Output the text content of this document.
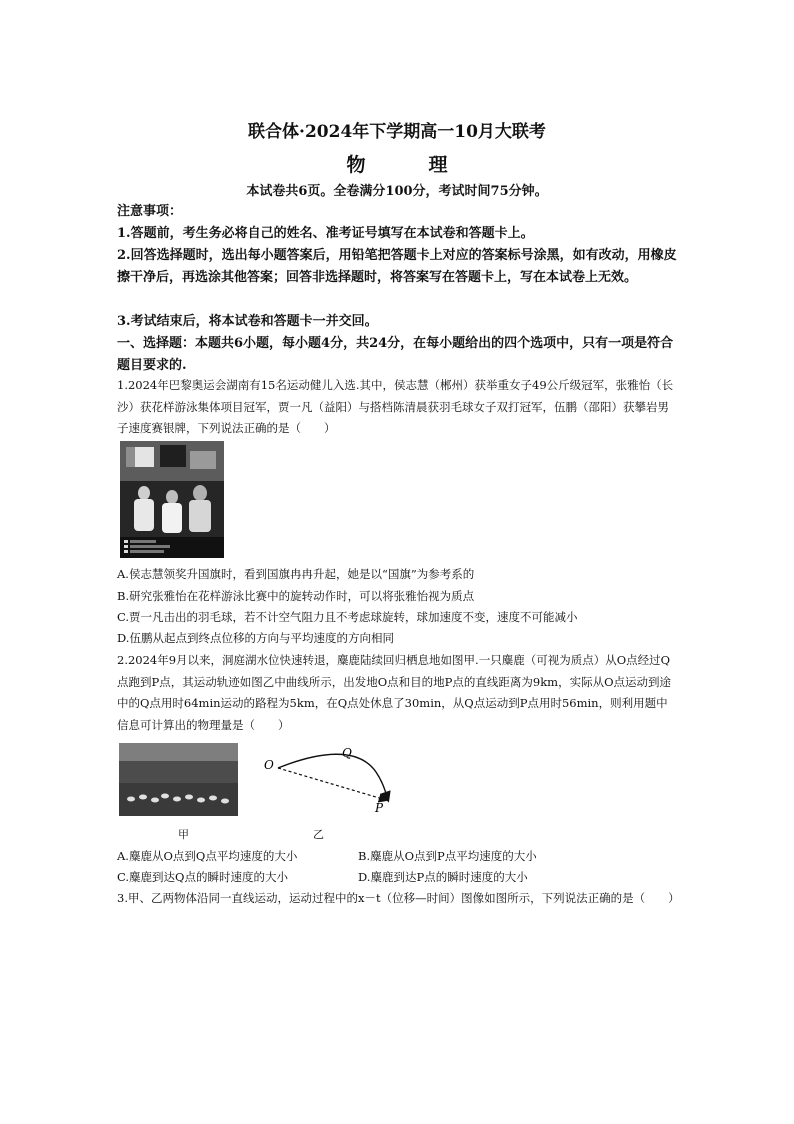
联合体·2024年下学期高一10月大联考
物　理
本试卷共6页。全卷满分100分，考试时间75分钟。
注意事项：
1.答题前，考生务必将自己的姓名、准考证号填写在本试卷和答题卡上。
2.回答选择题时，选出每小题答案后，用铅笔把答题卡上对应的答案标号涂黑，如有改动，用橡皮擦干净后，再选涂其他答案；回答非选择题时，将答案写在答题卡上，写在本试卷上无效。
3.考试结束后，将本试卷和答题卡一并交回。
一、选择题：本题共6小题，每小题4分，共24分，在每小题给出的四个选项中，只有一项是符合题目要求的.
1.2024年巴黎奥运会湖南有15名运动健儿入选.其中，侯志慧（郴州）获举重女子49公斤级冠军，张雅怡（长沙）获花样游泳集体项目冠军，贾一凡（益阳）与搭档陈清晨获羽毛球女子双打冠军，伍鹏（邵阳）获攀岩男子速度赛银牌，下列说法正确的是（　　）
A.侯志慧领奖升国旗时，看到国旗冉冉升起，她是以“国旗”为参考系的
B.研究张雅怡在花样游泳比赛中的旋转动作时，可以将张雅怡视为质点
C.贾一凡击出的羽毛球，若不计空气阻力且不考虑球旋转，球加速度不变，速度不可能减小
D.伍鹏从起点到终点位移的方向与平均速度的方向相同
2.2024年9月以来，洞庭湖水位快速转退，麋鹿陆续回归栖息地如图甲.一只麋鹿（可视为质点）从O点经过Q点跑到P点，其运动轨迹如图乙中曲线所示，出发地O点和目的地P点的直线距离为9km，实际从O点运动到途中的Q点用时64min运动的路程为5km，在Q点处休息了30min，从Q点运动到P点用时56min，则利用题中信息可计算出的物理量是（　　）
O
Q
P
甲	乙
A.麋鹿从O点到Q点平均速度的大小	B.麋鹿从O点到P点平均速度的大小
C.麋鹿到达Q点的瞬时速度的大小	D.麋鹿到达P点的瞬时速度的大小
3.甲、乙两物体沿同一直线运动，运动过程中的x－t（位移—时间）图像如图所示，下列说法正确的是（　　）
